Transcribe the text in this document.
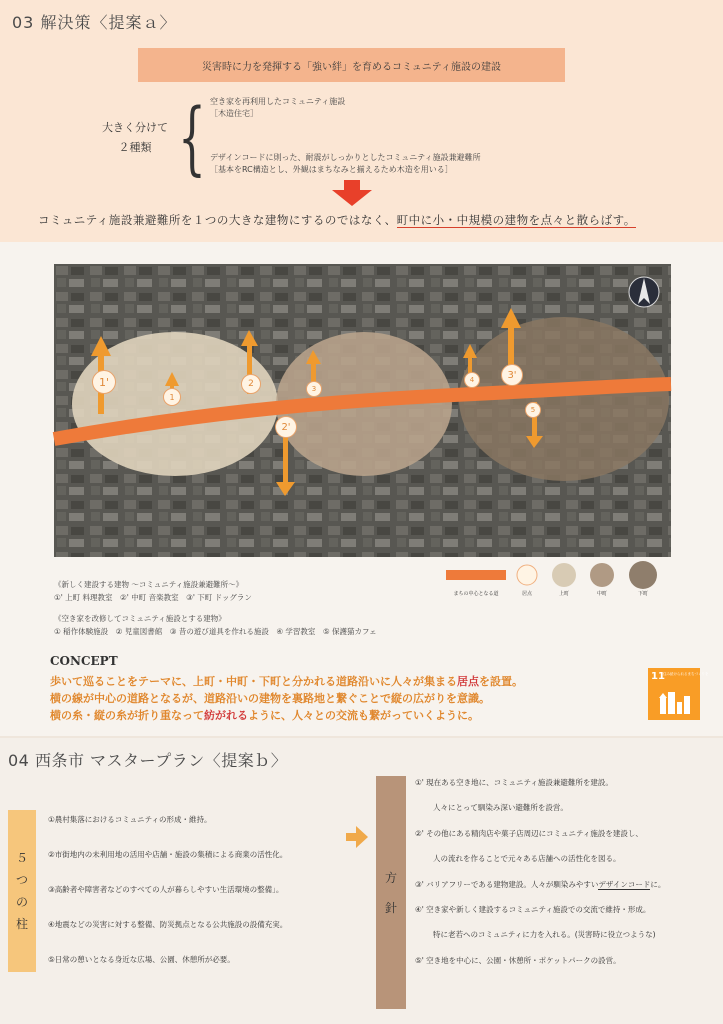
03 解決策〈提案ａ〉
災害時に力を発揮する「強い絆」を育めるコミュニティ施設の建設
大きく分けて
２種類 { 空き家を再利用したコミュニティ施設
［木造住宅］
デザインコードに則った、耐震がしっかりとしたコミュニティ施設兼避難所
［基本をRC構造とし、外観はまちなみと揃えるため木造を用いる］
コミュニティ施設兼避難所を１つの大きな建物にするのではなく、町中に小・中規模の建物を点々と散らばす。
1'
1
2
2'
3
3'
4
5
まちの中心となる道	居点	上町	中町	下町

《新しく建設する建物 〜コミュニティ施設兼避難所〜》

①' 上町 料理教室　②' 中町 音楽教室　③' 下町 ドッグラン

《空き家を改修してコミュニティ施設とする建物》

① 稲作体験施設　② 児童図書館　③ 昔の遊び道具を作れる施設　④ 学習教室　⑤ 保護猫カフェ

CONCEPT
歩いて巡ることをテーマに、上町・中町・下町と分かれる道路沿いに人々が集まる居点を設置。
横の線が中心の道路となるが、道路沿いの建物を裏路地と繋ぐことで縦の広がりを意識。
横の糸・縦の糸が折り重なって紡がれるように、人々との交流も繋がっていくように。
11
住み続けられるまちづくりを
04 西条市 マスタープラン〈提案ｂ〉
５
つ
の
柱
①農村集落におけるコミュニティの形成・維持。
②市街地内の未利用地の活用や店舗・施設の集積による商業の活性化。
③高齢者や障害者などのすべての人が暮らしやすい生活環境の整備」。
④地震などの災害に対する整備、防災拠点となる公共施設の設備充実。
⑤日常の憩いとなる身近な広場、公園、休憩所が必要。
方
針
①' 現在ある空き地に、コミュニティ施設兼避難所を建設。
人々にとって馴染み深い避難所を設営。
②' その他にある精肉店や菓子店周辺にコミュニティ施設を建設し、
人の流れを作ることで元々ある店舗への活性化を図る。
③' バリアフリーである建物建設。人々が馴染みやすいデザインコードに。
④' 空き家や新しく建設するコミュニティ施設での交流で維持・形成。
特に老若へのコミュニティに力を入れる。(災害時に役立つような)
⑤' 空き地を中心に、公園・休憩所・ポケットパークの設営。
